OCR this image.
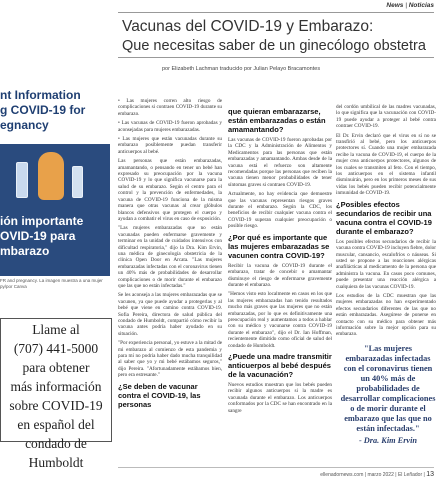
News | Noticias
Vacunas del COVID-19 y Embarazo:
Que necesitas saber de un ginecólogo obstetra
por Elizabeth Lachman traducido por Julian Pelayo Bracamontes
nt Information
g COVID-19 for
egnancy
ión importante
OVID-19 para
mbarazo
FR and pregnancy. La imagen muestra a una mujer
py/por Canva

Llame al

(707) 441-5000

para obtener

más información

sobre COVID-19

en español del

condado de

Humboldt

• Las mujeres corren alto riesgo de complicaciones si contraen COVID-19 durante su embarazo.

• Las vacunas de COVID-19 fueron aprobadas y aconsejadas para mujeres embarazadas.

• Las mujeres que están vacunadas durante su embarazo posiblemente puedan transferir anticuerpos al bebé.

Las personas que están embarazadas, amamantando, o pensando en tener un bebé han expresado su preocupación por la vacuna COVID-19 y lo que significa vacunarse para la salud de su embarazo. Según el centro para el control y la prevención de enfermedades, la vacuna de COVID-19 funciona de la misma manera que otras vacunas al crear glóbulos blancos defensivos que protegen el cuerpo y ayudan a combatir el virus en caso de exposición.

"Las mujeres embarazadas que no están vacunadas pueden enfermarse gravemente y terminar en la unidad de cuidados intensivos con dificultad respiratoria," dijo la Dra. Kim Ervin, una médica de ginecología obstetricia de la clínica Open Door en Arcata. "Las mujeres embarazadas infectadas con el coronavirus tienen un 40% más de probabilidades de desarrollar complicaciones o de morir durante el embarazo que las que no están infectadas."

Se les aconseja a las mujeres embarazadas que se vacunen, ya que puede ayudar a protegerlas y al bebé que viene en camino contra COVID-19. Sofia Pereira, directora de salud pública del condado de Humboldt, compartió cómo recibir la vacuna antes podría haber ayudado en su situación.

"Por experiencia personal, yo estuve a la mitad de mi embarazo al comienzo de esta pandemia y para mí no podría haber dado mucha tranquilidad al saber que yo y mi bebé estábamos seguros," dijo Pereira. "Afortunadamente estábamos bien, pero era estresante."

¿Se deben de vacunar contra el COVID-19, las personas
que quieran embarazarse, están embarazadas o están amamantando?

Las vacunas de COVID-19 fueron aprobadas por la CDC y la Administración de Alimentos y Medicamentos para las personas que están embarazadas y amamantando. Ambas desde de la vacuna está el refuerzo son altamente recomendadas porque las personas que reciben la vacuna tienen menor probabilidades de tener síntomas graves si contraen COVID-19.

Actualmente, no hay evidencia que demuestre que las vacunas representan riesgos graves durante el embarazo. Según la CDC, los beneficios de recibir cualquier vacuna contra el COVID-19 superan cualquier preocupación o posible riesgo.

¿Por qué es importante que las mujeres embarazadas se vacunen contra COVID-19?

Recibir la vacuna de COVID-19 durante el embarazo, tratar de concebir o amamantar disminuye el riesgo de enfermarse gravemente durante el embarazo.

"Hemos visto esto localmente en casos en los que las mujeres embarazadas han tenido resultados mucho más graves que las mujeres que no están embarazadas, por lo que es definitivamente una preocupación real y aumentamos a todos a hablar con su médico y vacunarse contra COVID-19 durante el embarazo", dijo el Dr. Ian Hoffman, recientemente dimitido como oficial de salud del condado de Humboldt.

¿Puede una madre transmitir anticuerpos al bebé después de la vacunación?

Nuevos estudios muestran que los bebés pueden recibir algunos anticuerpos si la madre es vacunada durante el embarazo. Los anticuerpos conformados por la CDC se han encontrado en la sangre

del cordón umbilical de las madres vacunadas, lo que significa que la vacunación con COVID-19 puede ayudar a proteger al bebé contra contraer COVID-19.

El Dr. Ervin declaró que el virus en sí no se transfirió al bebé, pero los anticuerpos protectores sí. Cuando una mujer embarazada recibe la vacuna de COVID-19, el cuerpo de la mujer crea anticuerpos protectores, algunos de los cuales se transmiten al feto. Con el tiempo, los anticuerpos en el sistema infantil disminuirán, pero en los primeros meses de sus vidas los bebés pueden recibir potencialmente inmunidad de COVID-19.

¿Posibles efectos secundarios de recibir una vacuna contra el COVID-19 durante el embarazo?

Los posibles efectos secundarios de recibir la vacuna contra COVID-19 incluyen fiebre, dolor muscular, cansancio, escalofríos o náuseas. Si usted se propone a las reacciones alérgicas anafilácticas al medicamento de la persona que administra la vacuna. En casos poco comunes, puede presentar una reacción alérgica a cualquiera de las vacunas COVID-19.

Los estudios de la CDC muestran que las mujeres embarazadas no han experimentado efectos secundarios diferentes de las que no están embarazadas. Asegúrese de ponerse en contacto con su médico para obtener más información sobre la mejor opción para su embarazo.

"Las mujeres embarazadas infectadas con el coronavirus tienen un 40% más de probabilidades de desarrollar complicaciones o de morir durante el embarazo que las que no están infectadas."
- Dra. Kim Ervin
ellenadornews.com | marzo 2022 | El Leñador | 13
